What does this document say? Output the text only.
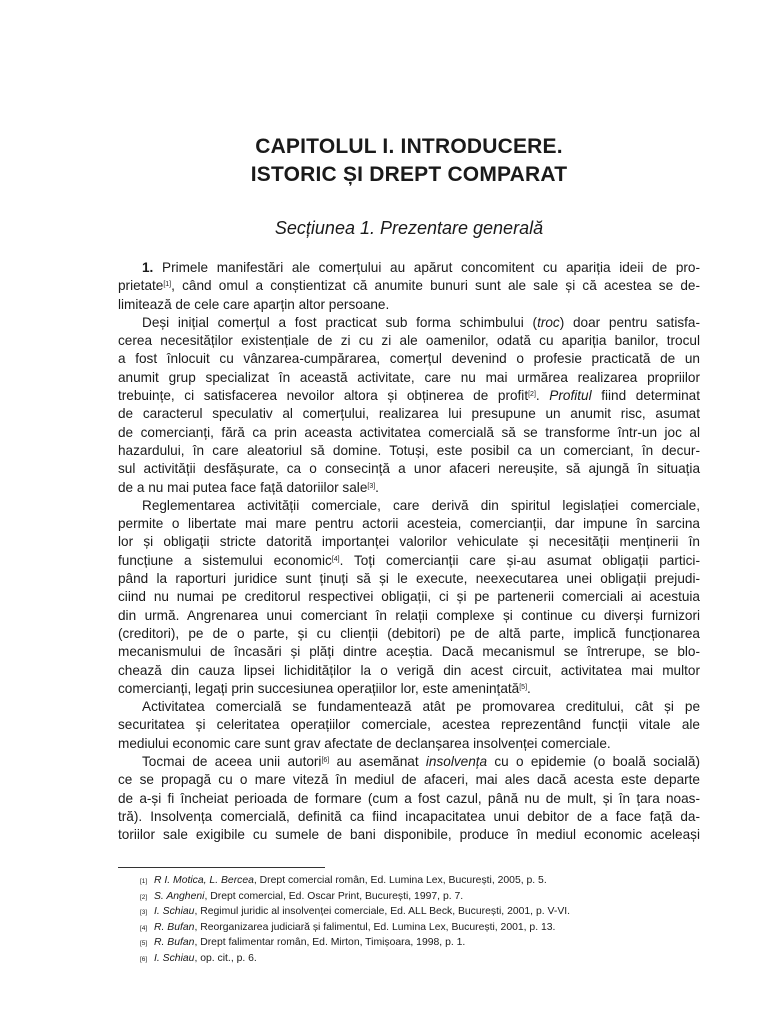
CAPITOLUL I. INTRODUCERE.
ISTORIC ȘI DREPT COMPARAT
Secțiunea 1. Prezentare generală
1. Primele manifestări ale comerțului au apărut concomitent cu apariția ideii de pro-
prietate[1], când omul a conștientizat că anumite bunuri sunt ale sale și că acestea se de-
limitează de cele care aparțin altor persoane.
Deși inițial comerțul a fost practicat sub forma schimbului (troc) doar pentru satisfa-
cerea necesităților existențiale de zi cu zi ale oamenilor, odată cu apariția banilor, trocul
a fost înlocuit cu vânzarea-cumpărarea, comerțul devenind o profesie practicată de un
anumit grup specializat în această activitate, care nu mai urmărea realizarea propriilor
trebuințe, ci satisfacerea nevoilor altora și obținerea de profit[2]. Profitul fiind determinat
de caracterul speculativ al comerțului, realizarea lui presupune un anumit risc, asumat
de comercianți, fără ca prin aceasta activitatea comercială să se transforme într-un joc al
hazardului, în care aleatoriul să domine. Totuși, este posibil ca un comerciant, în decur-
sul activității desfășurate, ca o consecință a unor afaceri nereușite, să ajungă în situația
de a nu mai putea face față datoriilor sale[3].
Reglementarea activității comerciale, care derivă din spiritul legislației comerciale,
permite o libertate mai mare pentru actorii acesteia, comercianții, dar impune în sarcina
lor și obligații stricte datorită importanței valorilor vehiculate și necesității menținerii în
funcțiune a sistemului economic[4]. Toți comercianții care și-au asumat obligații partici-
pând la raporturi juridice sunt ținuți să și le execute, neexecutarea unei obligații prejudi-
ciind nu numai pe creditorul respectivei obligații, ci și pe partenerii comerciali ai acestuia
din urmă. Angrenarea unui comerciant în relații complexe și continue cu diverși furnizori
(creditori), pe de o parte, și cu clienții (debitori) pe de altă parte, implică funcționarea
mecanismului de încasări și plăți dintre aceștia. Dacă mecanismul se întrerupe, se blo-
chează din cauza lipsei lichidităților la o verigă din acest circuit, activitatea mai multor
comercianți, legați prin succesiunea operațiilor lor, este amenințată[5].
Activitatea comercială se fundamentează atât pe promovarea creditului, cât și pe
securitatea și celeritatea operațiilor comerciale, acestea reprezentând funcții vitale ale
mediului economic care sunt grav afectate de declanșarea insolvenței comerciale.
Tocmai de aceea unii autori[6] au asemănat insolvența cu o epidemie (o boală socială)
ce se propagă cu o mare viteză în mediul de afaceri, mai ales dacă acesta este departe
de a-și fi încheiat perioada de formare (cum a fost cazul, până nu de mult, și în țara noas-
tră). Insolvența comercială, definită ca fiind incapacitatea unui debitor de a face față da-
toriilor sale exigibile cu sumele de bani disponibile, produce în mediul economic aceleași
[1] R I. Motica, L. Bercea, Drept comercial român, Ed. Lumina Lex, București, 2005, p. 5.
[2] S. Angheni, Drept comercial, Ed. Oscar Print, București, 1997, p. 7.
[3] I. Schiau, Regimul juridic al insolvenței comerciale, Ed. ALL Beck, București, 2001, p. V-VI.
[4] R. Bufan, Reorganizarea judiciară și falimentul, Ed. Lumina Lex, București, 2001, p. 13.
[5] R. Bufan, Drept falimentar român, Ed. Mirton, Timișoara, 1998, p. 1.
[6] I. Schiau, op. cit., p. 6.
